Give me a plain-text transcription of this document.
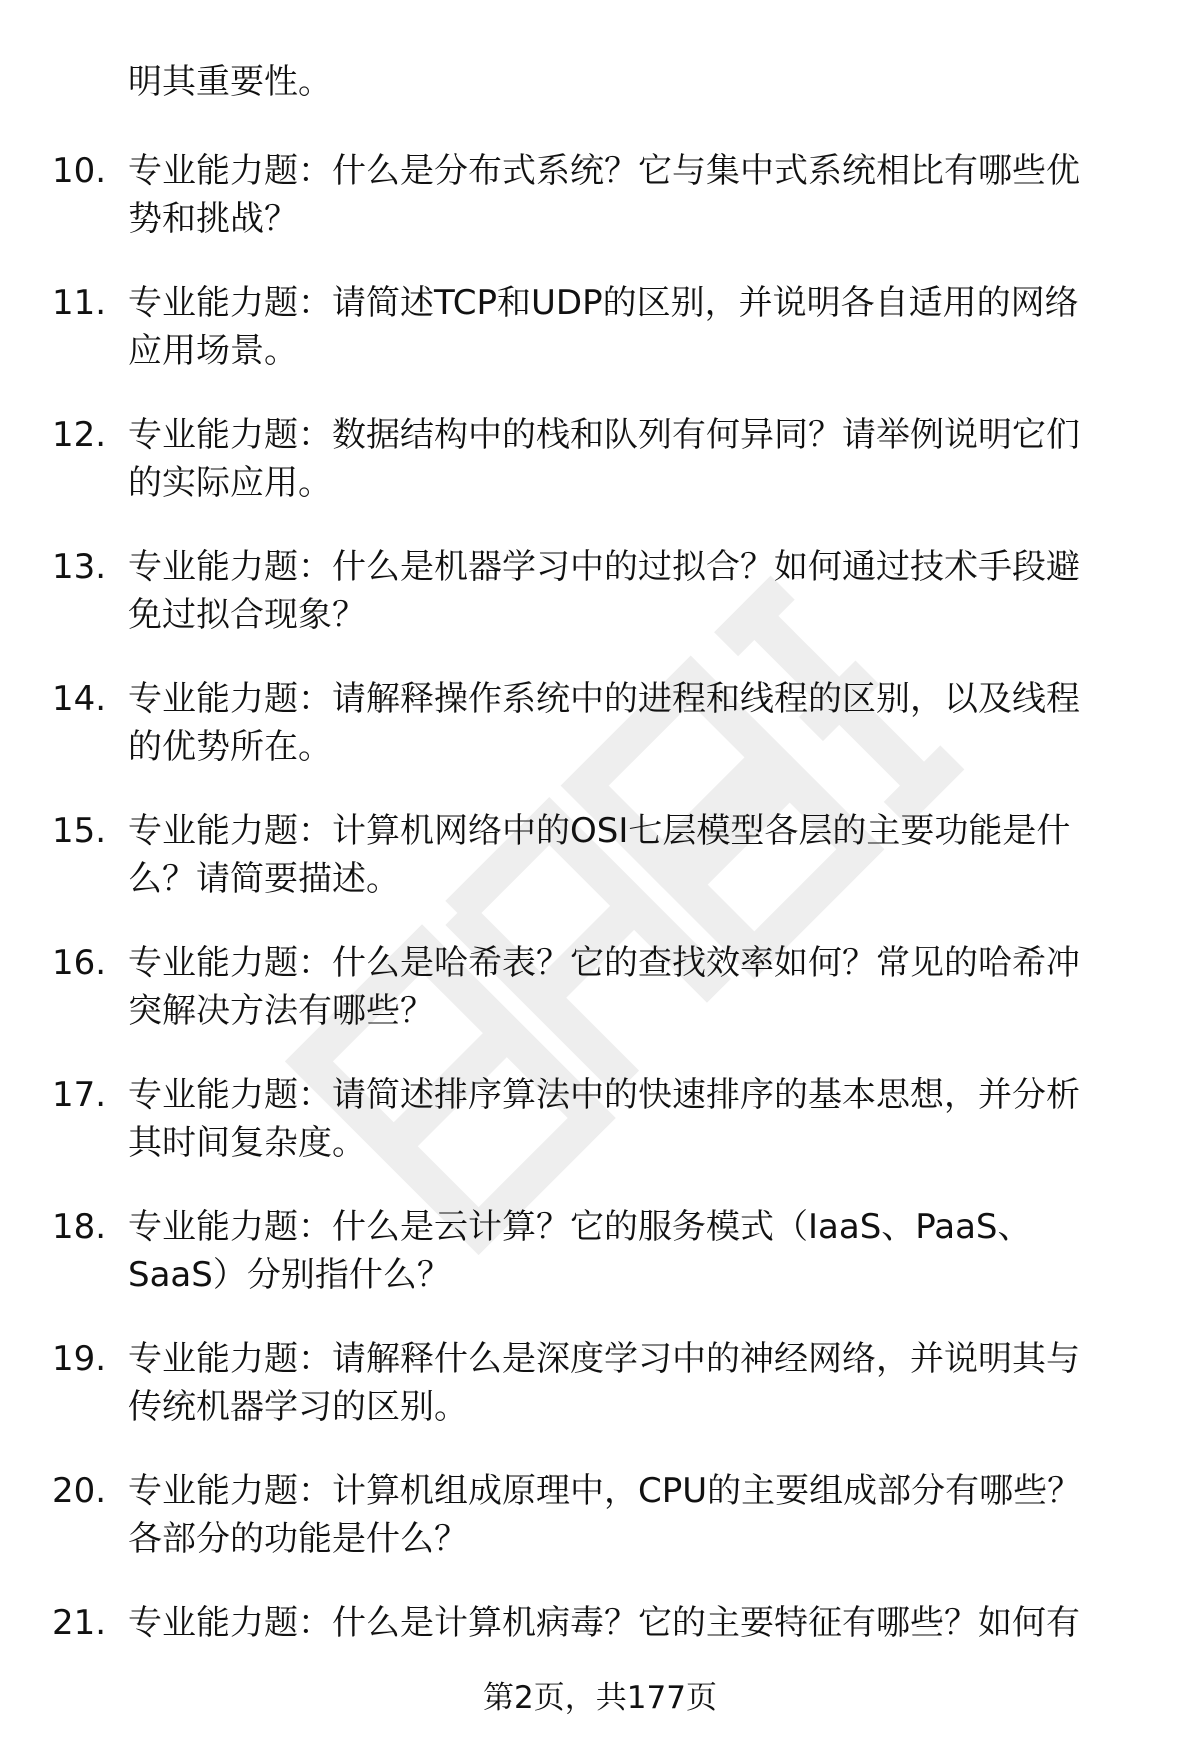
明其重要性。
10. 专业能力题：什么是分布式系统？它与集中式系统相比有哪些优
势和挑战？
11. 专业能力题：请简述TCP和UDP的区别，并说明各自适用的网络
应用场景。
12. 专业能力题：数据结构中的栈和队列有何异同？请举例说明它们
的实际应用。
13. 专业能力题：什么是机器学习中的过拟合？如何通过技术手段避
免过拟合现象？
14. 专业能力题：请解释操作系统中的进程和线程的区别，以及线程
的优势所在。
15. 专业能力题：计算机网络中的OSI七层模型各层的主要功能是什
么？请简要描述。
16. 专业能力题：什么是哈希表？它的查找效率如何？常见的哈希冲
突解决方法有哪些？
17. 专业能力题：请简述排序算法中的快速排序的基本思想，并分析
其时间复杂度。
18. 专业能力题：什么是云计算？它的服务模式（IaaS、PaaS、
SaaS）分别指什么？
19. 专业能力题：请解释什么是深度学习中的神经网络，并说明其与
传统机器学习的区别。
20. 专业能力题：计算机组成原理中，CPU的主要组成部分有哪些？
各部分的功能是什么？
21. 专业能力题：什么是计算机病毒？它的主要特征有哪些？如何有
第2页，共177页
